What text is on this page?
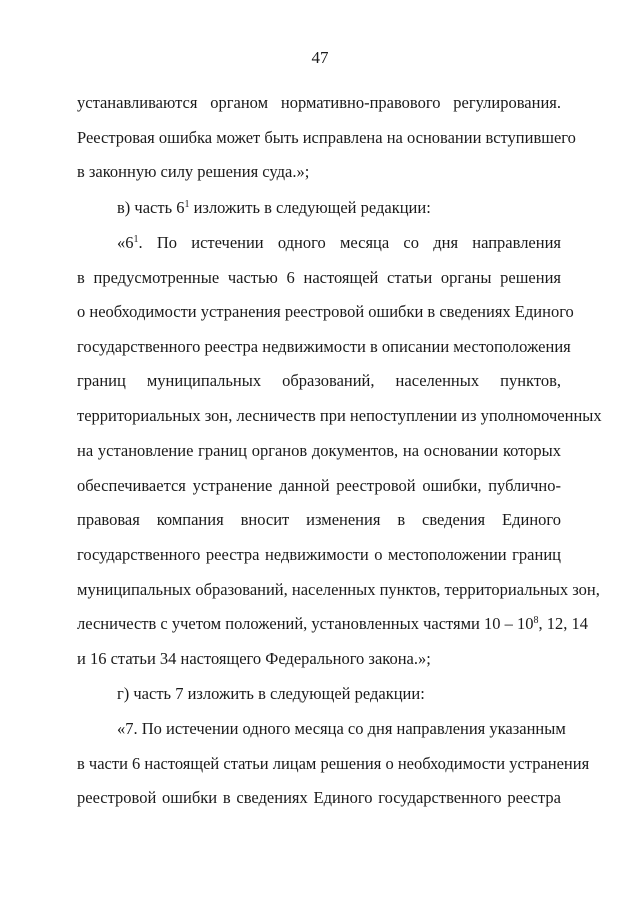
47
устанавливаются органом нормативно-правового регулирования.
Реестровая ошибка может быть исправлена на основании вступившего
в законную силу решения суда.»;
в) часть $6^1$ изложить в следующей редакции:
«$6^1$. По истечении одного месяца со дня направления
в предусмотренные частью 6 настоящей статьи органы решения
о необходимости устранения реестровой ошибки в сведениях Единого
государственного реестра недвижимости в описании местоположения
границ муниципальных образований, населенных пунктов,
территориальных зон, лесничеств при непоступлении из уполномоченных
на установление границ органов документов, на основании которых
обеспечивается устранение данной реестровой ошибки, публично-
правовая компания вносит изменения в сведения Единого
государственного реестра недвижимости о местоположении границ
муниципальных образований, населенных пунктов, территориальных зон,
лесничеств с учетом положений, установленных частями $10 - 10^8$, 12, 14
и 16 статьи 34 настоящего Федерального закона.»;
г) часть 7 изложить в следующей редакции:
«7. По истечении одного месяца со дня направления указанным
в части 6 настоящей статьи лицам решения о необходимости устранения
реестровой ошибки в сведениях Единого государственного реестра
